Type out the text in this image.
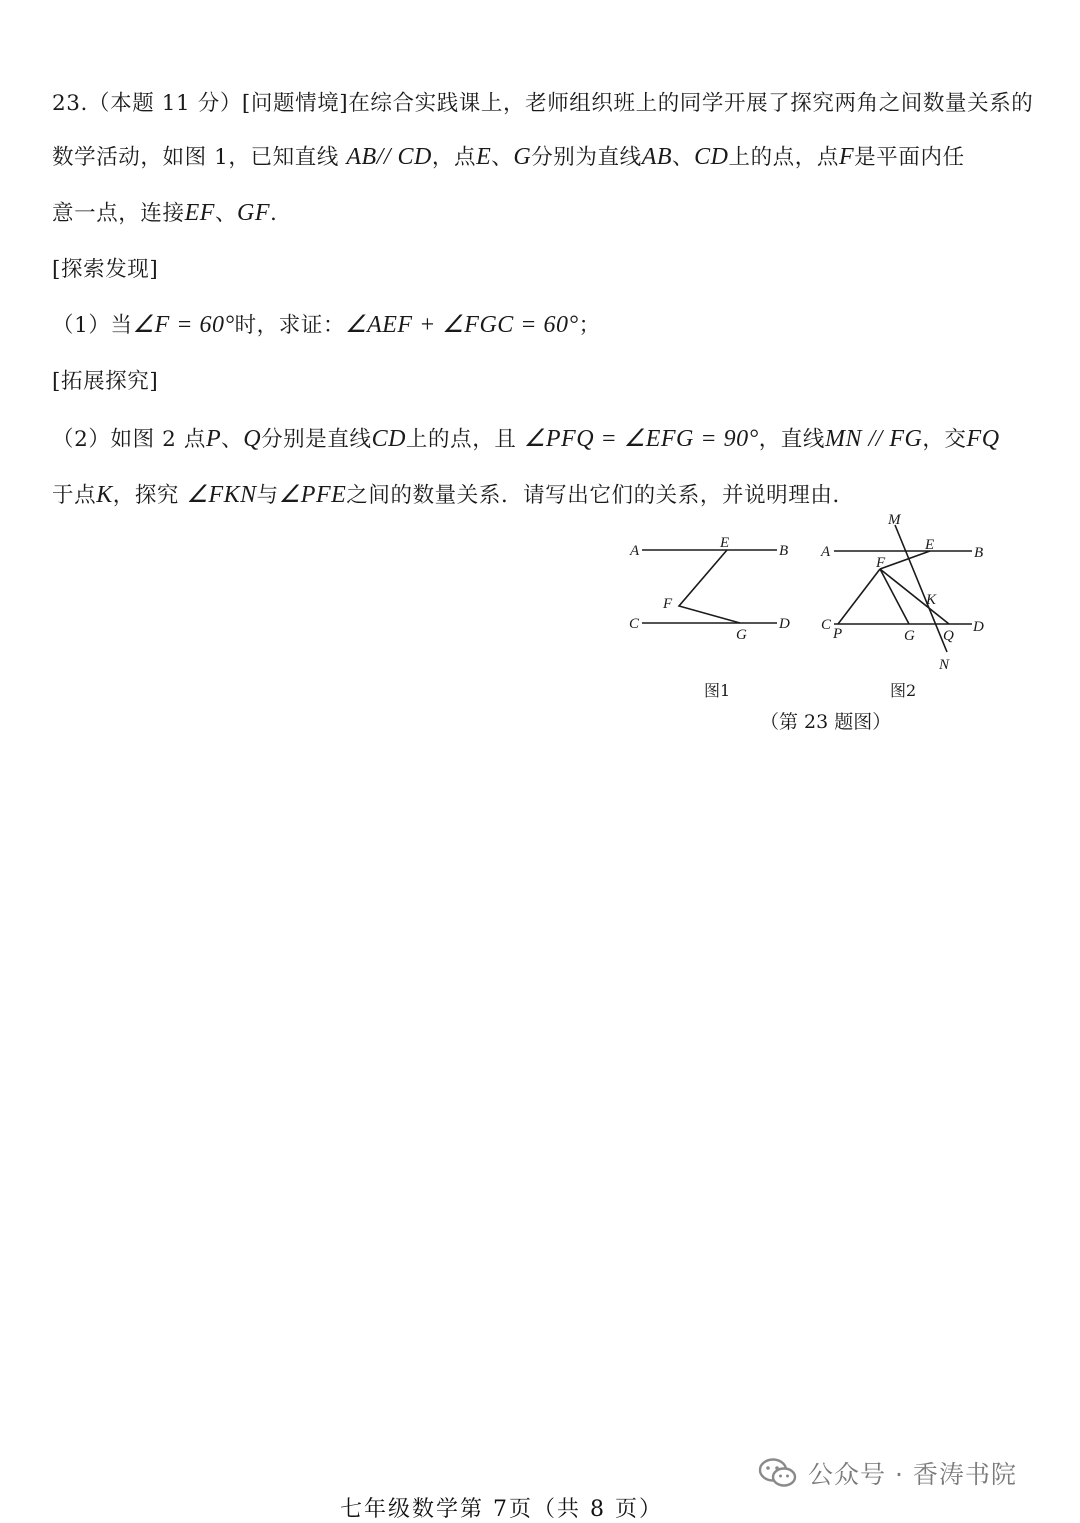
23.（本题 11 分）[问题情境]在综合实践课上，老师组织班上的同学开展了探究两角之间数量关系的
数学活动，如图 1，已知直线 AB// CD，点E、G分别为直线AB、CD上的点，点F是平面内任
意一点，连接EF、GF.
[探索发现]
（1）当∠F = 60°时，求证：∠AEF + ∠FGC = 60°；
[拓展探究]
（2）如图 2 点P、Q分别是直线CD上的点，且 ∠PFQ = ∠EFG = 90°，直线MN // FG，交FQ
于点K，探究 ∠FKN与∠PFE之间的数量关系．请写出它们的关系，并说明理由．
A	B
E
F
C	D
G
M
A	E	B
F
K
C
P	G Q
D
N
图1	图2
（第 23 题图）
公众号 · 香涛书院
七年级数学第 7页（共 8 页）
